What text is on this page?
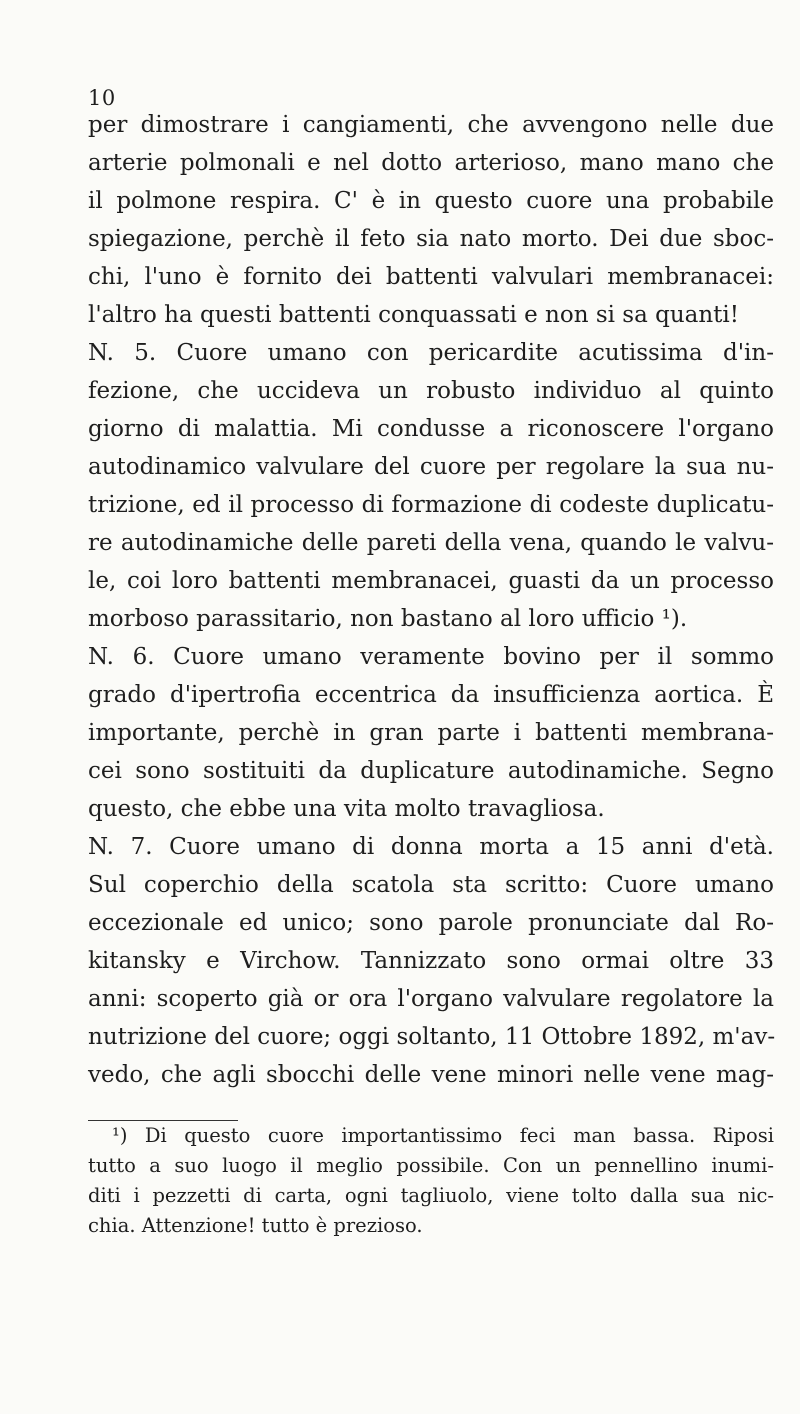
10
per dimostrare i cangiamenti, che avvengono nelle due
arterie polmonali e nel dotto arterioso, mano mano che
il polmone respira. C' è in questo cuore una probabile
spiegazione, perchè il feto sia nato morto. Dei due sboc-
chi, l'uno è fornito dei battenti valvulari membranacei:
l'altro ha questi battenti conquassati e non si sa quanti!
N. 5. Cuore umano con pericardite acutissima d'in-
fezione, che uccideva un robusto individuo al quinto
giorno di malattia. Mi condusse a riconoscere l'organo
autodinamico valvulare del cuore per regolare la sua nu-
trizione, ed il processo di formazione di codeste duplicatu-
re autodinamiche delle pareti della vena, quando le valvu-
le, coi loro battenti membranacei, guasti da un processo
morboso parassitario, non bastano al loro ufficio ¹).
N. 6. Cuore umano veramente bovino per il sommo
grado d'ipertrofia eccentrica da insufficienza aortica. È
importante, perchè in gran parte i battenti membrana-
cei sono sostituiti da duplicature autodinamiche. Segno
questo, che ebbe una vita molto travagliosa.
N. 7. Cuore umano di donna morta a 15 anni d'età.
Sul coperchio della scatola sta scritto: Cuore umano
eccezionale ed unico; sono parole pronunciate dal Ro-
kitansky e Virchow. Tannizzato sono ormai oltre 33
anni: scoperto già or ora l'organo valvulare regolatore la
nutrizione del cuore; oggi soltanto, 11 Ottobre 1892, m'av-
vedo, che agli sbocchi delle vene minori nelle vene mag-
¹) Di questo cuore importantissimo feci man bassa. Riposi
tutto a suo luogo il meglio possibile. Con un pennellino inumi-
diti i pezzetti di carta, ogni tagliuolo, viene tolto dalla sua nic-
chia. Attenzione! tutto è prezioso.
